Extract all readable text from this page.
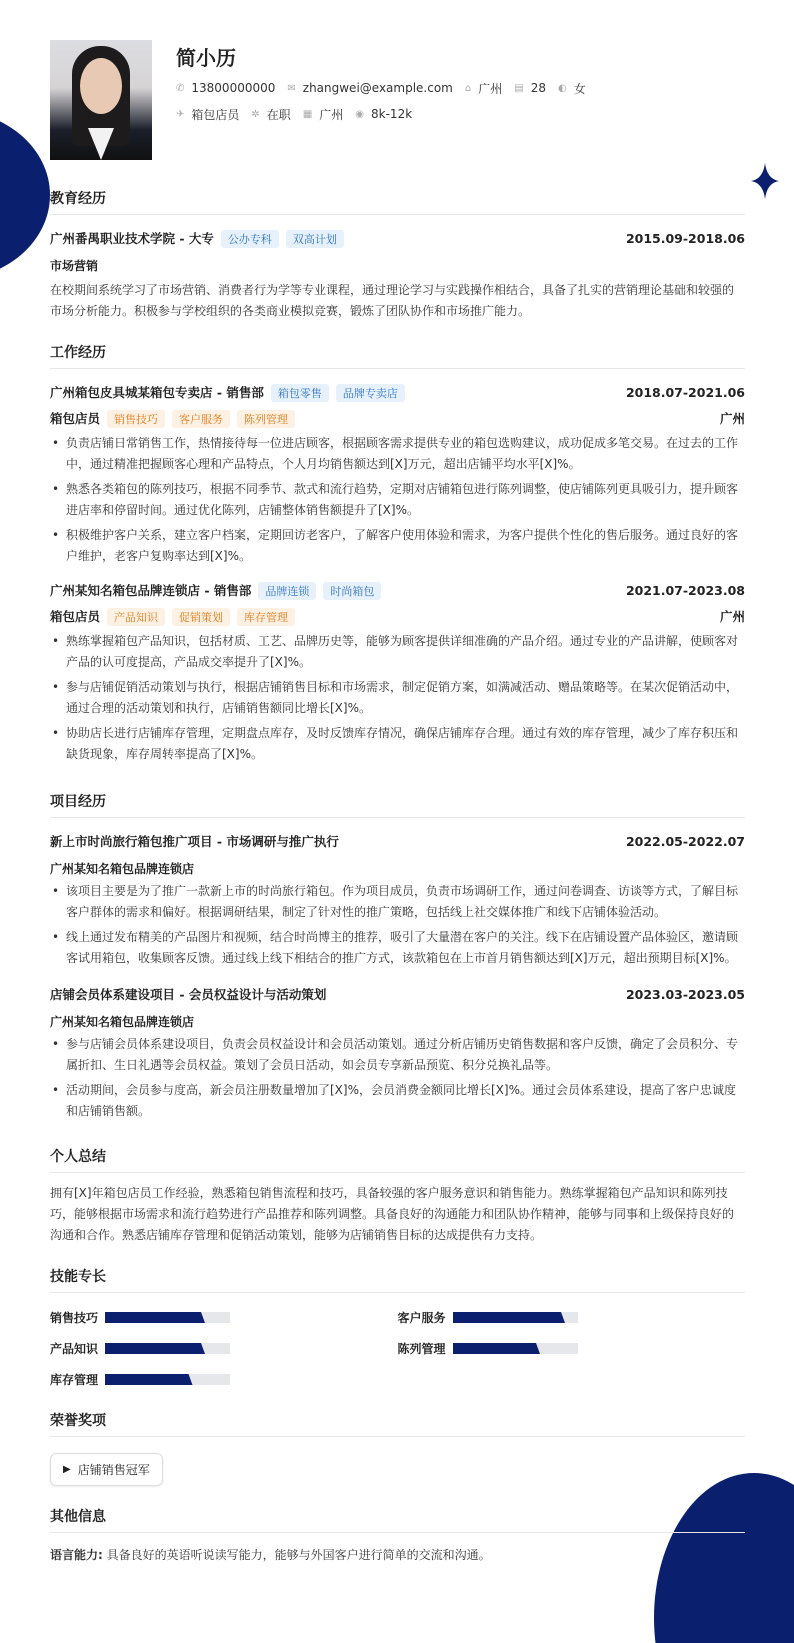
简小历
✆ 13800000000 ✉ zhangwei@example.com ⌂ 广州 ▤ 28 ◐ 女
✈ 箱包店员 ✲ 在职 ▦ 广州 ◉ 8k-12k
教育经历
广州番禺职业技术学院 - 大专 公办专科 双高计划	2015.09-2018.06
市场营销
在校期间系统学习了市场营销、消费者行为学等专业课程，通过理论学习与实践操作相结合，具备了扎实的营销理论基础和较强的市场分析能力。积极参与学校组织的各类商业模拟竞赛，锻炼了团队协作和市场推广能力。
工作经历
广州箱包皮具城某箱包专卖店 - 销售部 箱包零售 品牌专卖店	2018.07-2021.06
箱包店员 销售技巧 客户服务 陈列管理	广州
• 负责店铺日常销售工作，热情接待每一位进店顾客，根据顾客需求提供专业的箱包选购建议，成功促成多笔交易。在过去的工作中，通过精准把握顾客心理和产品特点，个人月均销售额达到[X]万元，超出店铺平均水平[X]%。
• 熟悉各类箱包的陈列技巧，根据不同季节、款式和流行趋势，定期对店铺箱包进行陈列调整，使店铺陈列更具吸引力，提升顾客进店率和停留时间。通过优化陈列，店铺整体销售额提升了[X]%。
• 积极维护客户关系，建立客户档案，定期回访老客户，了解客户使用体验和需求，为客户提供个性化的售后服务。通过良好的客户维护，老客户复购率达到[X]%。
广州某知名箱包品牌连锁店 - 销售部 品牌连锁 时尚箱包	2021.07-2023.08
箱包店员 产品知识 促销策划 库存管理	广州
• 熟练掌握箱包产品知识，包括材质、工艺、品牌历史等，能够为顾客提供详细准确的产品介绍。通过专业的产品讲解，使顾客对产品的认可度提高，产品成交率提升了[X]%。
• 参与店铺促销活动策划与执行，根据店铺销售目标和市场需求，制定促销方案，如满减活动、赠品策略等。在某次促销活动中，通过合理的活动策划和执行，店铺销售额同比增长[X]%。
• 协助店长进行店铺库存管理，定期盘点库存，及时反馈库存情况，确保店铺库存合理。通过有效的库存管理，减少了库存积压和缺货现象，库存周转率提高了[X]%。
项目经历
新上市时尚旅行箱包推广项目 - 市场调研与推广执行	2022.05-2022.07
广州某知名箱包品牌连锁店
• 该项目主要是为了推广一款新上市的时尚旅行箱包。作为项目成员，负责市场调研工作，通过问卷调查、访谈等方式，了解目标客户群体的需求和偏好。根据调研结果，制定了针对性的推广策略，包括线上社交媒体推广和线下店铺体验活动。
• 线上通过发布精美的产品图片和视频，结合时尚博主的推荐，吸引了大量潜在客户的关注。线下在店铺设置产品体验区，邀请顾客试用箱包，收集顾客反馈。通过线上线下相结合的推广方式，该款箱包在上市首月销售额达到[X]万元，超出预期目标[X]%。
店铺会员体系建设项目 - 会员权益设计与活动策划	2023.03-2023.05
广州某知名箱包品牌连锁店
• 参与店铺会员体系建设项目，负责会员权益设计和会员活动策划。通过分析店铺历史销售数据和客户反馈，确定了会员积分、专属折扣、生日礼遇等会员权益。策划了会员日活动，如会员专享新品预览、积分兑换礼品等。
• 活动期间，会员参与度高，新会员注册数量增加了[X]%，会员消费金额同比增长[X]%。通过会员体系建设，提高了客户忠诚度和店铺销售额。
个人总结
拥有[X]年箱包店员工作经验，熟悉箱包销售流程和技巧，具备较强的客户服务意识和销售能力。熟练掌握箱包产品知识和陈列技巧，能够根据市场需求和流行趋势进行产品推荐和陈列调整。具备良好的沟通能力和团队协作精神，能够与同事和上级保持良好的沟通和合作。熟悉店铺库存管理和促销活动策划，能够为店铺销售目标的达成提供有力支持。
技能专长
销售技巧	客户服务
产品知识	陈列管理
库存管理
荣誉奖项
▶ 店铺销售冠军
其他信息
语言能力: 具备良好的英语听说读写能力，能够与外国客户进行简单的交流和沟通。
